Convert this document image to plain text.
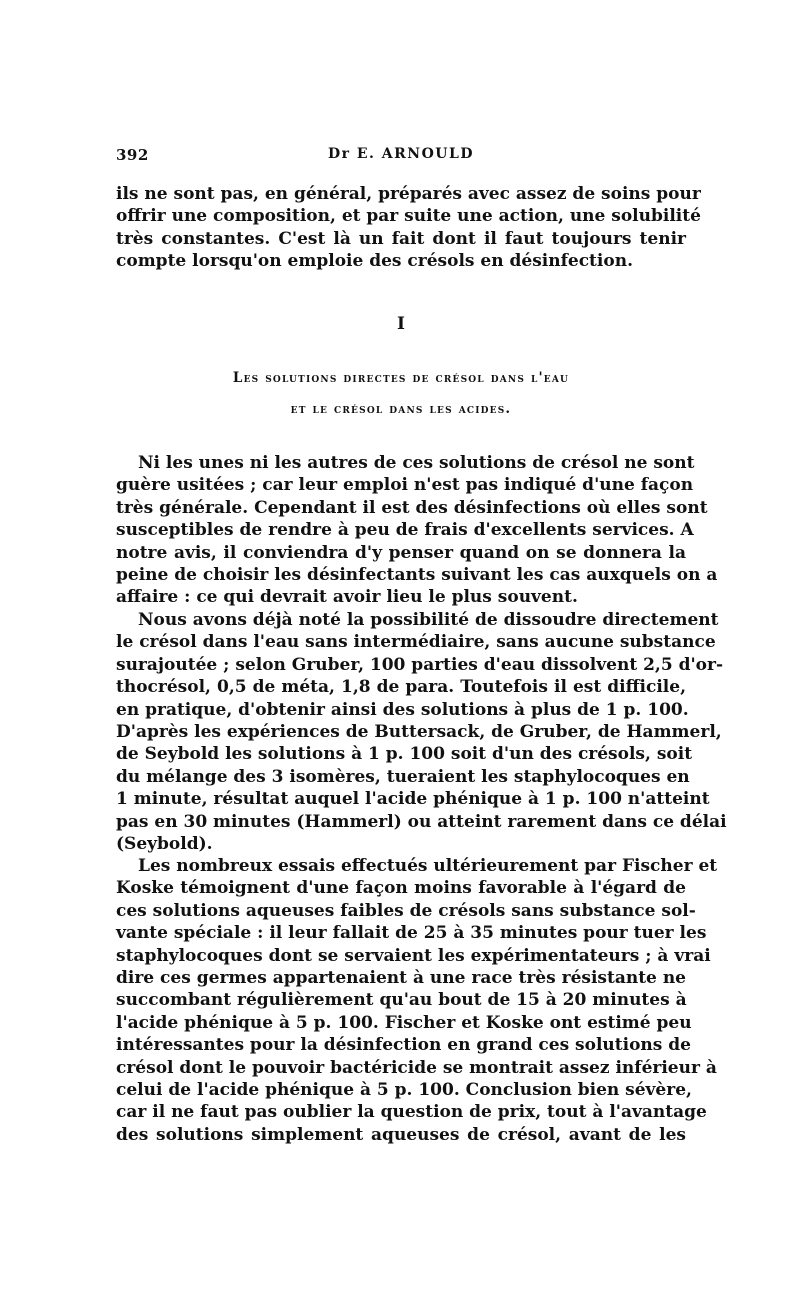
392	Dr E. ARNOULD
ils ne sont pas, en général, préparés avec assez de soins pour
offrir une composition, et par suite une action, une solubilité
très constantes. C'est là un fait dont il faut toujours tenir
compte lorsqu'on emploie des crésols en désinfection.
I
Les solutions directes de crésol dans l'eau
et le crésol dans les acides.
Ni les unes ni les autres de ces solutions de crésol ne sont
guère usitées ; car leur emploi n'est pas indiqué d'une façon
très générale. Cependant il est des désinfections où elles sont
susceptibles de rendre à peu de frais d'excellents services. A
notre avis, il conviendra d'y penser quand on se donnera la
peine de choisir les désinfectants suivant les cas auxquels on a
affaire : ce qui devrait avoir lieu le plus souvent.
Nous avons déjà noté la possibilité de dissoudre directement
le crésol dans l'eau sans intermédiaire, sans aucune substance
surajoutée ; selon Gruber, 100 parties d'eau dissolvent 2,5 d'or-
thocrésol, 0,5 de méta, 1,8 de para. Toutefois il est difficile,
en pratique, d'obtenir ainsi des solutions à plus de 1 p. 100.
D'après les expériences de Buttersack, de Gruber, de Hammerl,
de Seybold les solutions à 1 p. 100 soit d'un des crésols, soit
du mélange des 3 isomères, tueraient les staphylocoques en
1 minute, résultat auquel l'acide phénique à 1 p. 100 n'atteint
pas en 30 minutes (Hammerl) ou atteint rarement dans ce délai
(Seybold).
Les nombreux essais effectués ultérieurement par Fischer et
Koske témoignent d'une façon moins favorable à l'égard de
ces solutions aqueuses faibles de crésols sans substance sol-
vante spéciale : il leur fallait de 25 à 35 minutes pour tuer les
staphylocoques dont se servaient les expérimentateurs ; à vrai
dire ces germes appartenaient à une race très résistante ne
succombant régulièrement qu'au bout de 15 à 20 minutes à
l'acide phénique à 5 p. 100. Fischer et Koske ont estimé peu
intéressantes pour la désinfection en grand ces solutions de
crésol dont le pouvoir bactéricide se montrait assez inférieur à
celui de l'acide phénique à 5 p. 100. Conclusion bien sévère,
car il ne faut pas oublier la question de prix, tout à l'avantage
des solutions simplement aqueuses de crésol, avant de les
